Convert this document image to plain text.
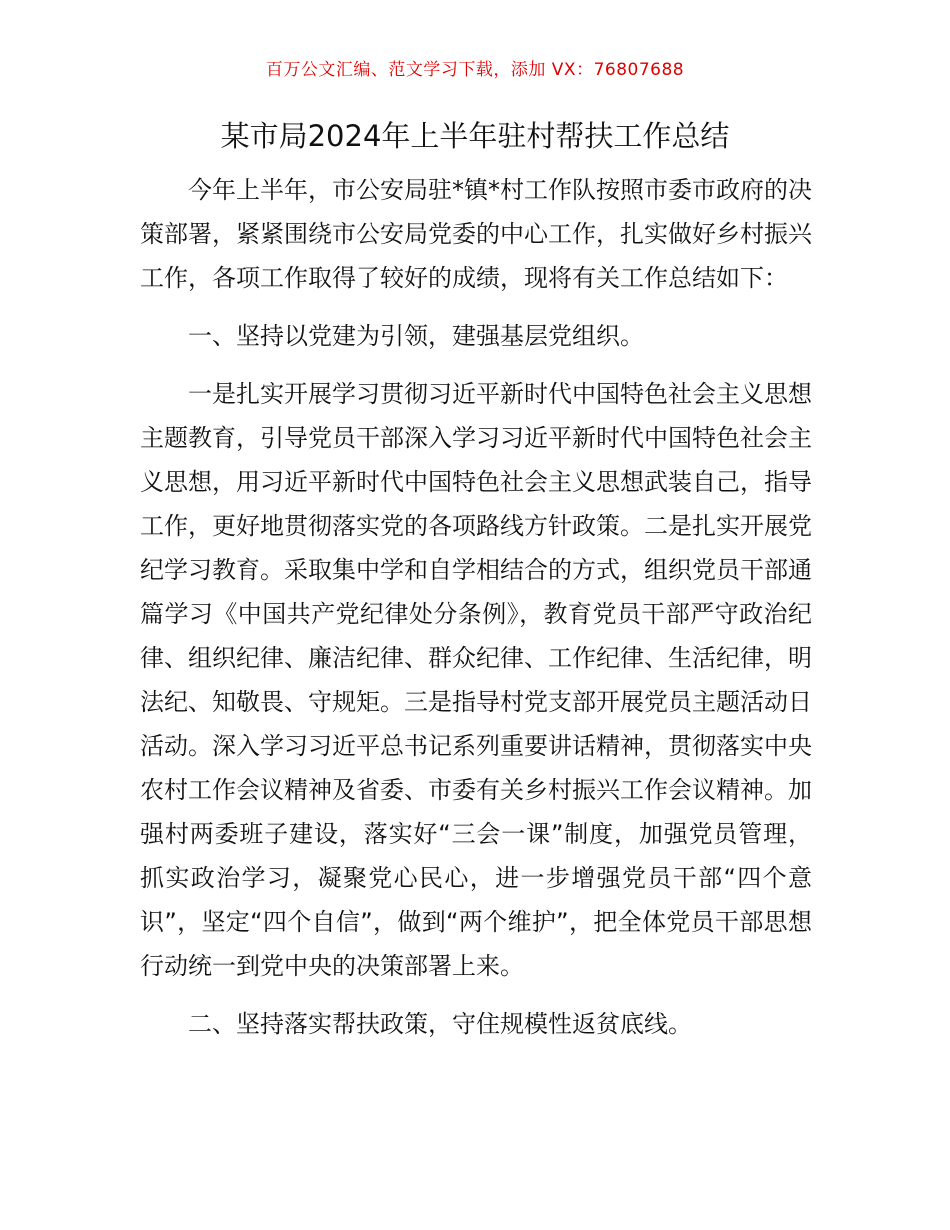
百万公文汇编、范文学习下载，添加 VX：76807688
某市局2024年上半年驻村帮扶工作总结

今年上半年，市公安局驻*镇*村工作队按照市委市政府的决策部署，紧紧围绕市公安局党委的中心工作，扎实做好乡村振兴工作，各项工作取得了较好的成绩，现将有关工作总结如下：

一、坚持以党建为引领，建强基层党组织。

一是扎实开展学习贯彻习近平新时代中国特色社会主义思想主题教育，引导党员干部深入学习习近平新时代中国特色社会主义思想，用习近平新时代中国特色社会主义思想武装自己，指导工作，更好地贯彻落实党的各项路线方针政策。二是扎实开展党纪学习教育。采取集中学和自学相结合的方式，组织党员干部通篇学习《中国共产党纪律处分条例》，教育党员干部严守政治纪律、组织纪律、廉洁纪律、群众纪律、工作纪律、生活纪律，明法纪、知敬畏、守规矩。三是指导村党支部开展党员主题活动日活动。深入学习习近平总书记系列重要讲话精神，贯彻落实中央农村工作会议精神及省委、市委有关乡村振兴工作会议精神。加强村两委班子建设，落实好“三会一课”制度，加强党员管理，抓实政治学习，凝聚党心民心，进一步增强党员干部“四个意识”，坚定“四个自信”，做到“两个维护”，把全体党员干部思想行动统一到党中央的决策部署上来。

二、坚持落实帮扶政策，守住规模性返贫底线。
